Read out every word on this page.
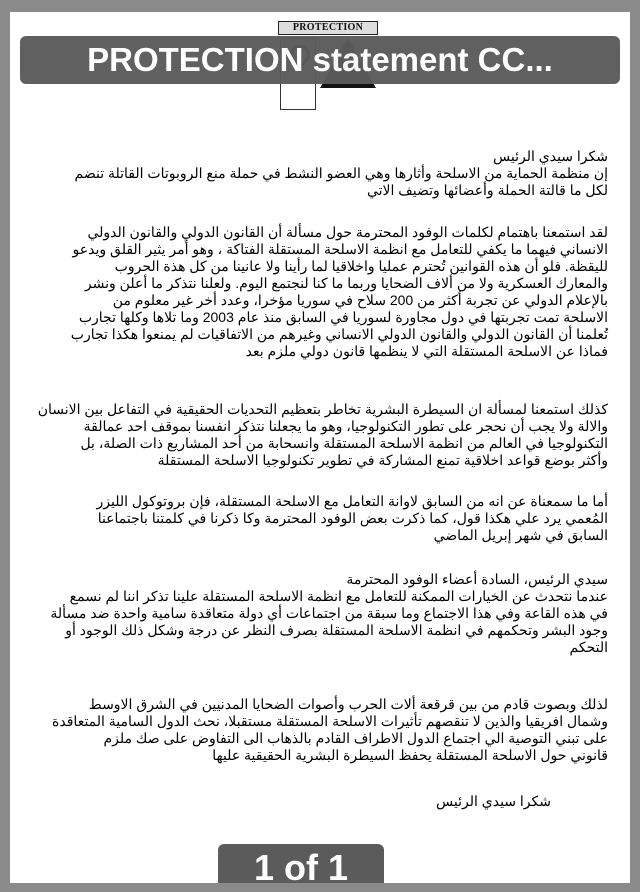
PROTECTION
شكرا سيدي الرئيس
إن منظمة الحماية من الاسلحة وأثارها وهي العضو النشط في حملة منع الروبوتات القاتلة تنضم
لكل ما قالتة الحملة وأعضائها وتضيف الاتي
لقد استمعنا باهتمام لكلمات الوفود المحترمة حول مسألة أن القانون الدولي والقانون الدولي
الانساني فيهما ما يكفي للتعامل مع انظمة الاسلحة المستقلة الفتاكة ، وهو أمر يثير القلق ويدعو
لليقظة. فلو أن هذه القوانين تُحترم عمليا واخلاقيا لما رأينا ولا عانينا من كل هذة الحروب
والمعارك العسكرية ولا من ألاف الضحايا وربما ما كنا لنجتمع اليوم. ولعلنا نتذكر ما أعلن ونشر
بالإعلام الدولي عن تجربة أكثر من 200 سلاح في سوريا مؤخرا، وعدد أخر غير معلوم من
الاسلحة تمت تجربتها في دول مجاورة لسوريا في السابق منذ عام 2003 وما تلاها وكلها تجارب
تُعلمنا أن القانون الدولي والقانون الدولي الانساني وغيرهم من الاتفاقيات لم يمنعوا هكذا تجارب
فماذا عن الاسلحة المستقلة التي لا ينظمها قانون دولي ملزم بعد
كذلك استمعنا لمسألة ان السيطرة البشرية تخاطر بتعظيم التحديات الحقيقية في التفاعل بين الانسان
والالة ولا يجب أن نحجر على تطور التكنولوجيا، وهو ما يجعلنا نتذكر انفسنا بموقف احد عمالقة
التكنولوجيا في العالم من انظمة الاسلحة المستقلة وانسحابة من أحد المشاريع ذات الصلة، بل
وأكثر بوضع قواعد اخلاقية تمنع المشاركة في تطوير تكنولوجيا الاسلحة المستقلة
أما ما سمعناة عن انه من السابق لاوانة التعامل مع الاسلحة المستقلة، فإن بروتوكول الليزر
المُعمي يرد علي هكذا قول، كما ذكرت بعض الوفود المحترمة وكا ذكرنا في كلمتنا باجتماعنا
السابق في شهر إبريل الماضي
سيدي الرئيس، السادة أعضاء الوفود المحترمة
عندما نتحدث عن الخيارات الممكنة للتعامل مع انظمة الاسلحة المستقلة علينا تذكر اننا لم نسمع
في هذه القاعة وفي هذا الاجتماع وما سبقة من اجتماعات أي دولة متعاقدة سامية واحدة ضد مسألة
وجود البشر وتحكمهم في انظمة الاسلحة المستقلة بصرف النظر عن درجة وشكل ذلك الوجود أو
التحكم
لذلك وبصوت قادم من بين قرقعة ألات الحرب وأصوات الضحايا المدنيين في الشرق الاوسط
وشمال افريقيا والذين لا تنقصهم تأثيرات الاسلحة المستقلة مستقبلا، نحث الدول السامية المتعاقدة
على تبني التوصية الي اجتماع الدول الاطراف القادم بالذهاب الى التفاوض على صك ملزم
قانوني حول الاسلحة المستقلة يحفظ السيطرة البشرية الحقيقية عليها
شكرا سيدي الرئيس
PROTECTION statement CC...
1 of 1
